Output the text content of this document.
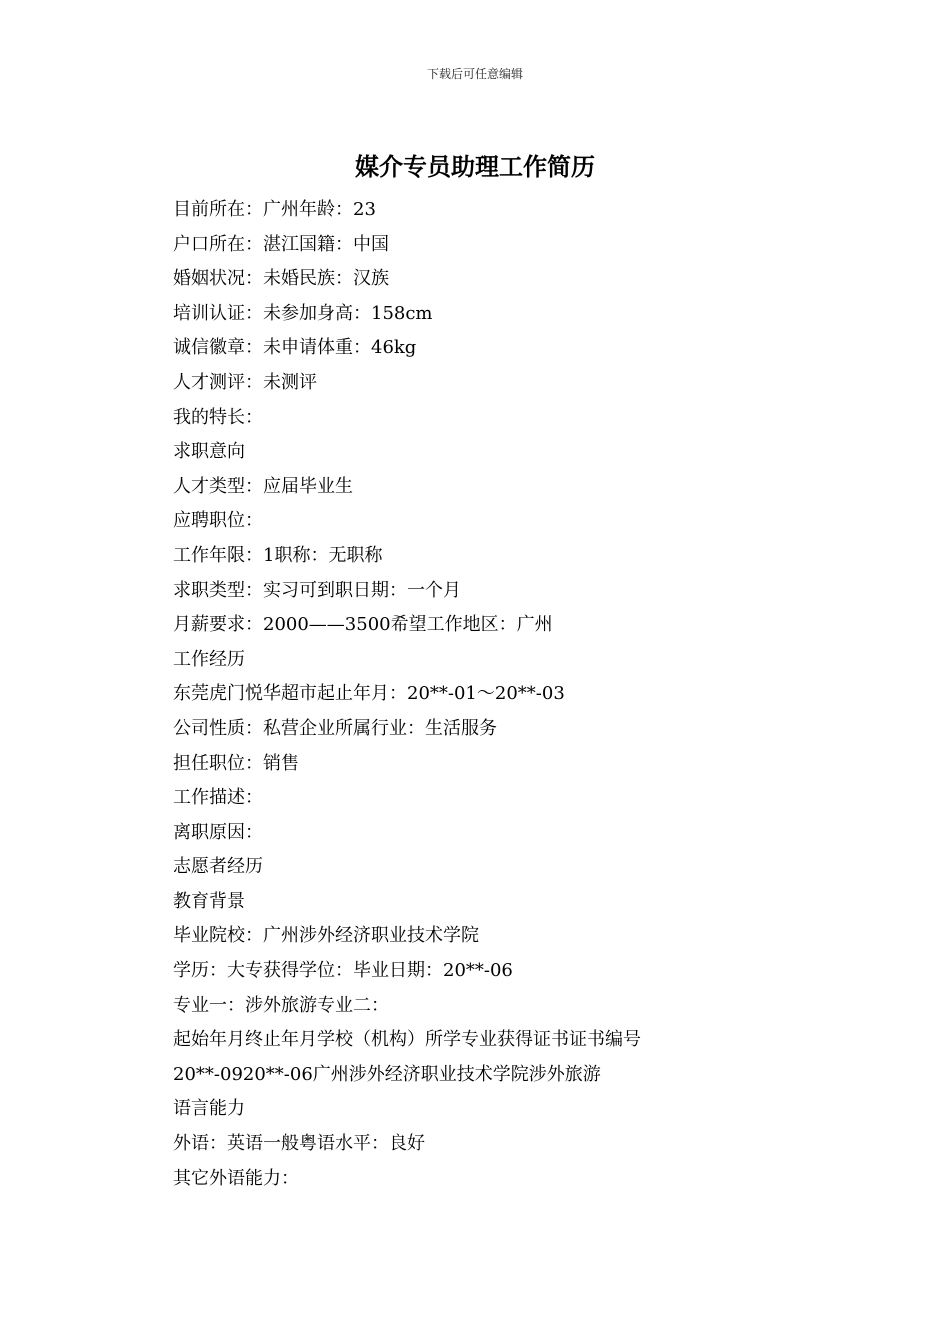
下载后可任意编辑
媒介专员助理工作简历
目前所在：广州年龄：23
户口所在：湛江国籍：中国
婚姻状况：未婚民族：汉族
培训认证：未参加身高：158cm
诚信徽章：未申请体重：46kg
人才测评：未测评
我的特长：
求职意向
人才类型：应届毕业生
应聘职位：
工作年限：1职称：无职称
求职类型：实习可到职日期：一个月
月薪要求：2000——3500希望工作地区：广州
工作经历
东莞虎门悦华超市起止年月：20**-01～20**-03
公司性质：私营企业所属行业：生活服务
担任职位：销售
工作描述：
离职原因：
志愿者经历
教育背景
毕业院校：广州涉外经济职业技术学院
学历：大专获得学位：毕业日期：20**-06
专业一：涉外旅游专业二：
起始年月终止年月学校（机构）所学专业获得证书证书编号
20**-0920**-06广州涉外经济职业技术学院涉外旅游
语言能力
外语：英语一般粤语水平：良好
其它外语能力：
